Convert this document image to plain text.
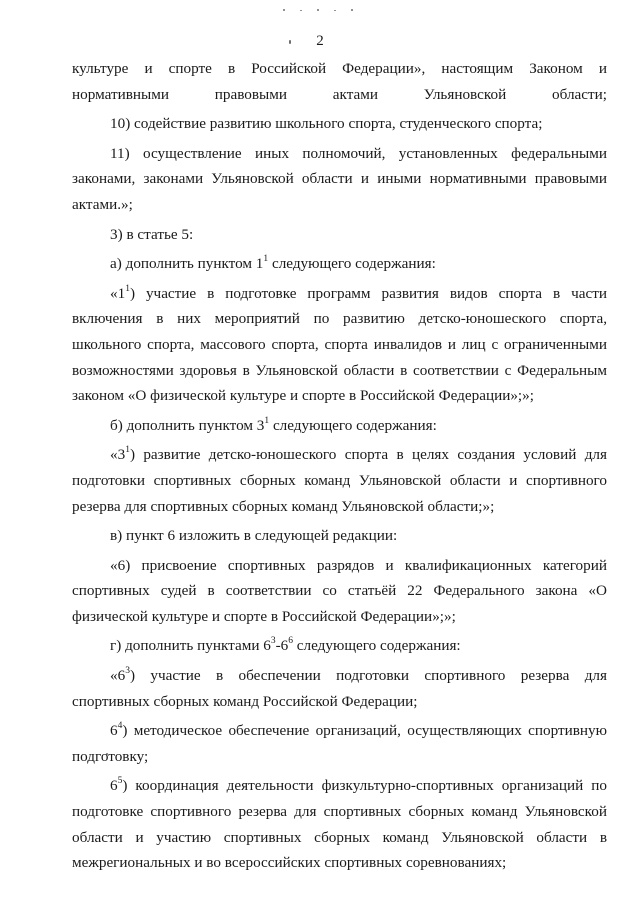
2

культуре и спорте в Российской Федерации», настоящим Законом и нормативными правовыми актами Ульяновской области;

10) содействие развитию школьного спорта, студенческого спорта;

11) осуществление иных полномочий, установленных федеральными законами, законами Ульяновской области и иными нормативными правовыми актами.»;

3) в статье 5:

а) дополнить пунктом $1^1$ следующего содержания:

«$1^1$) участие в подготовке программ развития видов спорта в части включения в них мероприятий по развитию детско-юношеского спорта, школьного спорта, массового спорта, спорта инвалидов и лиц с ограниченными возможностями здоровья в Ульяновской области в соответствии с Федеральным законом «О физической культуре и спорте в Российской Федерации»;»;

б) дополнить пунктом $3^1$ следующего содержания:

«$3^1$) развитие детско-юношеского спорта в целях создания условий для подготовки спортивных сборных команд Ульяновской области и спортивного резерва для спортивных сборных команд Ульяновской области;»;

в) пункт 6 изложить в следующей редакции:

«6) присвоение спортивных разрядов и квалификационных категорий спортивных судей в соответствии со статьёй 22 Федерального закона «О физической культуре и спорте в Российской Федерации»;»;

г) дополнить пунктами $6^3-6^6$ следующего содержания:

«$6^3$) участие в обеспечении подготовки спортивного резерва для спортивных сборных команд Российской Федерации;

$6^4$) методическое обеспечение организаций, осуществляющих спортивную подготовку;

$6^5$) координация деятельности физкультурно-спортивных организаций по подготовке спортивного резерва для спортивных сборных команд Ульяновской области и участию спортивных сборных команд Ульяновской области в межрегиональных и во всероссийских спортивных соревнованиях;
